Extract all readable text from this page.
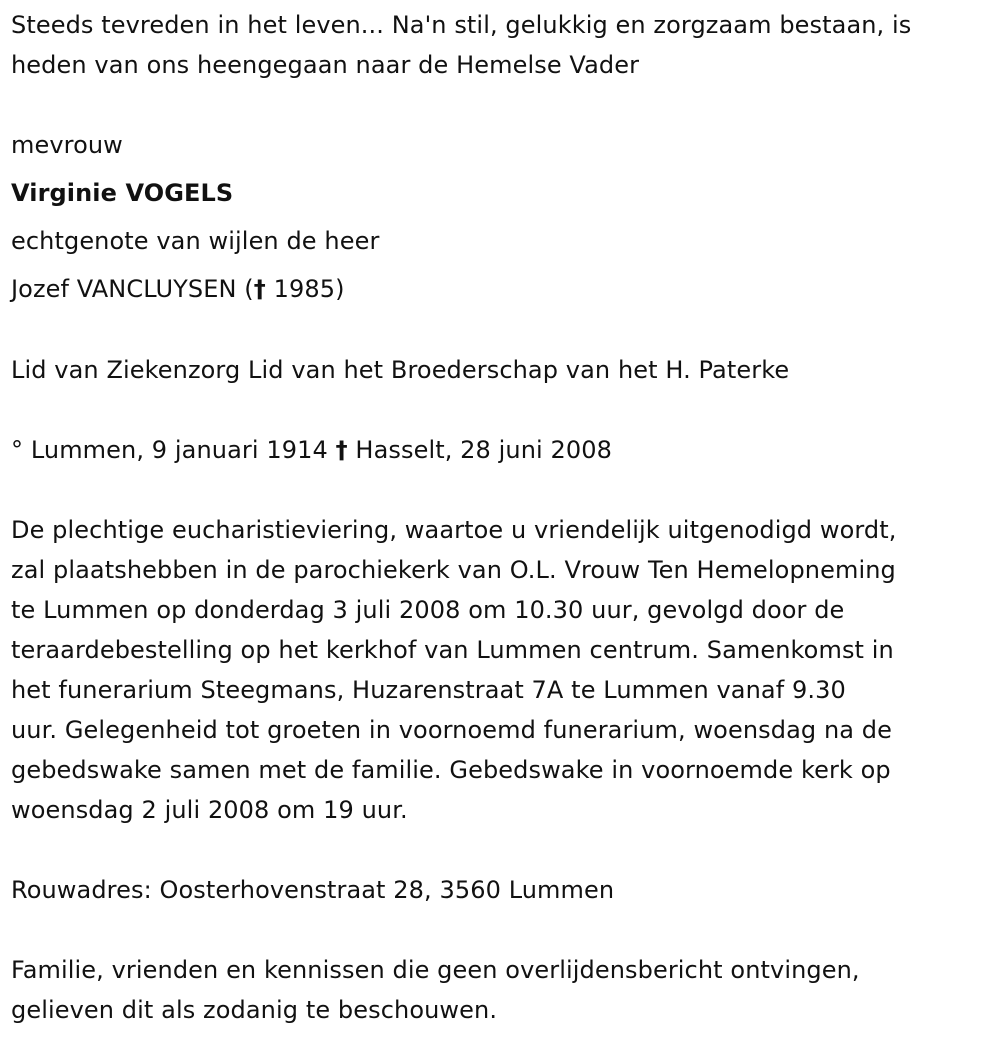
Steeds tevreden in het leven... Na'n stil, gelukkig en zorgzaam bestaan, is
heden van ons heengegaan naar de Hemelse Vader

mevrouw

Virginie VOGELS

echtgenote van wijlen de heer

Jozef VANCLUYSEN († 1985)

Lid van Ziekenzorg Lid van het Broederschap van het H. Paterke

° Lummen, 9 januari 1914 † Hasselt, 28 juni 2008

De plechtige eucharistieviering, waartoe u vriendelijk uitgenodigd wordt,
zal plaatshebben in de parochiekerk van O.L. Vrouw Ten Hemelopneming
te Lummen op donderdag 3 juli 2008 om 10.30 uur, gevolgd door de
teraardebestelling op het kerkhof van Lummen centrum. Samenkomst in
het funerarium Steegmans, Huzarenstraat 7A te Lummen vanaf 9.30
uur. Gelegenheid tot groeten in voornoemd funerarium, woensdag na de
gebedswake samen met de familie. Gebedswake in voornoemde kerk op
woensdag 2 juli 2008 om 19 uur.

Rouwadres: Oosterhovenstraat 28, 3560 Lummen

Familie, vrienden en kennissen die geen overlijdensbericht ontvingen,
gelieven dit als zodanig te beschouwen.
